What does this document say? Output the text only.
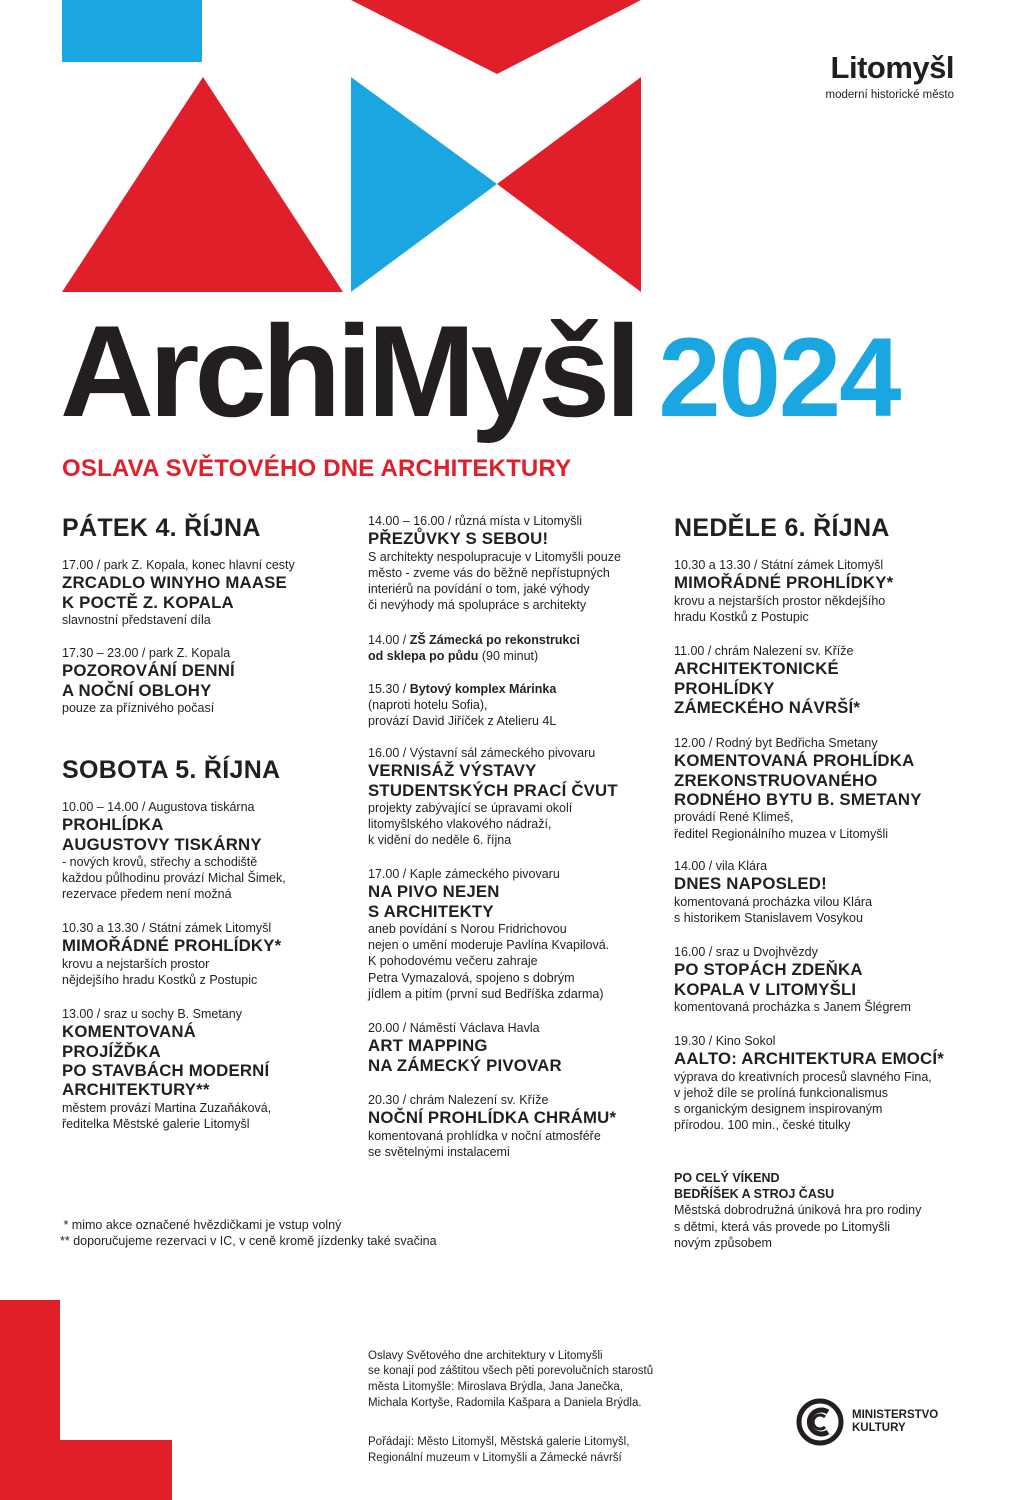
Litomyšl
moderní historické město
ArchiMyšl 2024
OSLAVA SVĚTOVÉHO DNE ARCHITEKTURY
PÁTEK 4. ŘÍJNA
17.00 / park Z. Kopala, konec hlavní cesty
ZRCADLO WINYHO MAASE
K POCTĚ Z. KOPALA
slavnostní představení díla
17.30 – 23.00 / park Z. Kopala
POZOROVÁNÍ DENNÍ
A NOČNÍ OBLOHY
pouze za příznivého počasí
SOBOTA 5. ŘÍJNA
10.00 – 14.00 / Augustova tiskárna
PROHLÍDKA
AUGUSTOVY TISKÁRNY
- nových krovů, střechy a schodiště
každou půlhodinu provází Michal Šimek,
rezervace předem není možná
10.30 a 13.30 / Státní zámek Litomyšl
MIMOŘÁDNÉ PROHLÍDKY*
krovu a nejstarších prostor
nějdejšího hradu Kostků z Postupic
13.00 / sraz u sochy B. Smetany
KOMENTOVANÁ
PROJÍŽĎKA
PO STAVBÁCH MODERNÍ
ARCHITEKTURY**
městem provází Martina Zuzaňáková,
ředitelka Městské galerie Litomyšl
14.00 – 16.00 / různá místa v Litomyšli
PŘEZŮVKY S SEBOU!
S architekty nespolupracuje v Litomyšli pouze
město - zveme vás do běžně nepřístupných
interiérů na povídání o tom, jaké výhody
či nevýhody má spolupráce s architekty
14.00 / ZŠ Zámecká po rekonstrukci
od sklepa po půdu (90 minut)
15.30 / Bytový komplex Márinka
(naproti hotelu Sofia),
provází David Jiříček z Atelieru 4L
16.00 / Výstavní sál zámeckého pivovaru
VERNISÁŽ VÝSTAVY
STUDENTSKÝCH PRACÍ ČVUT
projekty zabývající se úpravami okolí
litomyšlského vlakového nádraží,
k vidění do neděle 6. října
17.00 / Kaple zámeckého pivovaru
NA PIVO NEJEN
S ARCHITEKTY
aneb povídání s Norou Fridrichovou
nejen o umění moderuje Pavlína Kvapilová.
K pohodovému večeru zahraje
Petra Vymazalová, spojeno s dobrým
jídlem a pitím (první sud Bedříška zdarma)
20.00 / Náměstí Václava Havla
ART MAPPING
NA ZÁMECKÝ PIVOVAR
20.30 / chrám Nalezení sv. Kříže
NOČNÍ PROHLÍDKA CHRÁMU*
komentovaná prohlídka v noční atmosféře
se světelnými instalacemi
NEDĚLE 6. ŘÍJNA
10.30 a 13.30 / Státní zámek Litomyšl
MIMOŘÁDNÉ PROHLÍDKY*
krovu a nejstarších prostor někdejšího
hradu Kostků z Postupic
11.00 / chrám Nalezení sv. Kříže
ARCHITEKTONICKÉ
PROHLÍDKY
ZÁMECKÉHO NÁVRŠÍ*
12.00 / Rodný byt Bedřicha Smetany
KOMENTOVANÁ PROHLÍDKA
ZREKONSTRUOVANÉHO
RODNÉHO BYTU B. SMETANY
provádí René Klimeš,
ředitel Regionálního muzea v Litomyšli
14.00 / vila Klára
DNES NAPOSLED!
komentovaná procházka vilou Klára
s historikem Stanislavem Vosykou
16.00 / sraz u Dvojhvězdy
PO STOPÁCH ZDEŇKA
KOPALA V LITOMYŠLI
komentovaná procházka s Janem Šlégrem
19.30 / Kino Sokol
AALTO: ARCHITEKTURA EMOCÍ*
výprava do kreativních procesů slavného Fina,
v jehož díle se prolíná funkcionalismus
s organickým designem inspirovaným
přírodou. 100 min., české titulky
PO CELÝ VÍKEND
BEDŘÍŠEK A STROJ ČASU
Městská dobrodružná úniková hra pro rodiny
s dětmi, která vás provede po Litomyšli
novým způsobem
* mimo akce označené hvězdičkami je vstup volný
** doporučujeme rezervaci v IC, v ceně kromě jízdenky také svačina

Oslavy Světového dne architektury v Litomyšli
se konají pod záštitou všech pěti porevolučních starostů
města Litomyšle: Miroslava Brýdla, Jana Janečka,
Michala Kortyše, Radomila Kašpara a Daniela Brýdla.

Pořádají: Město Litomyšl, Městská galerie Litomyšl,
Regionální muzeum v Litomyšli a Zámecké návrší

MINISTERSTVO
KULTURY
